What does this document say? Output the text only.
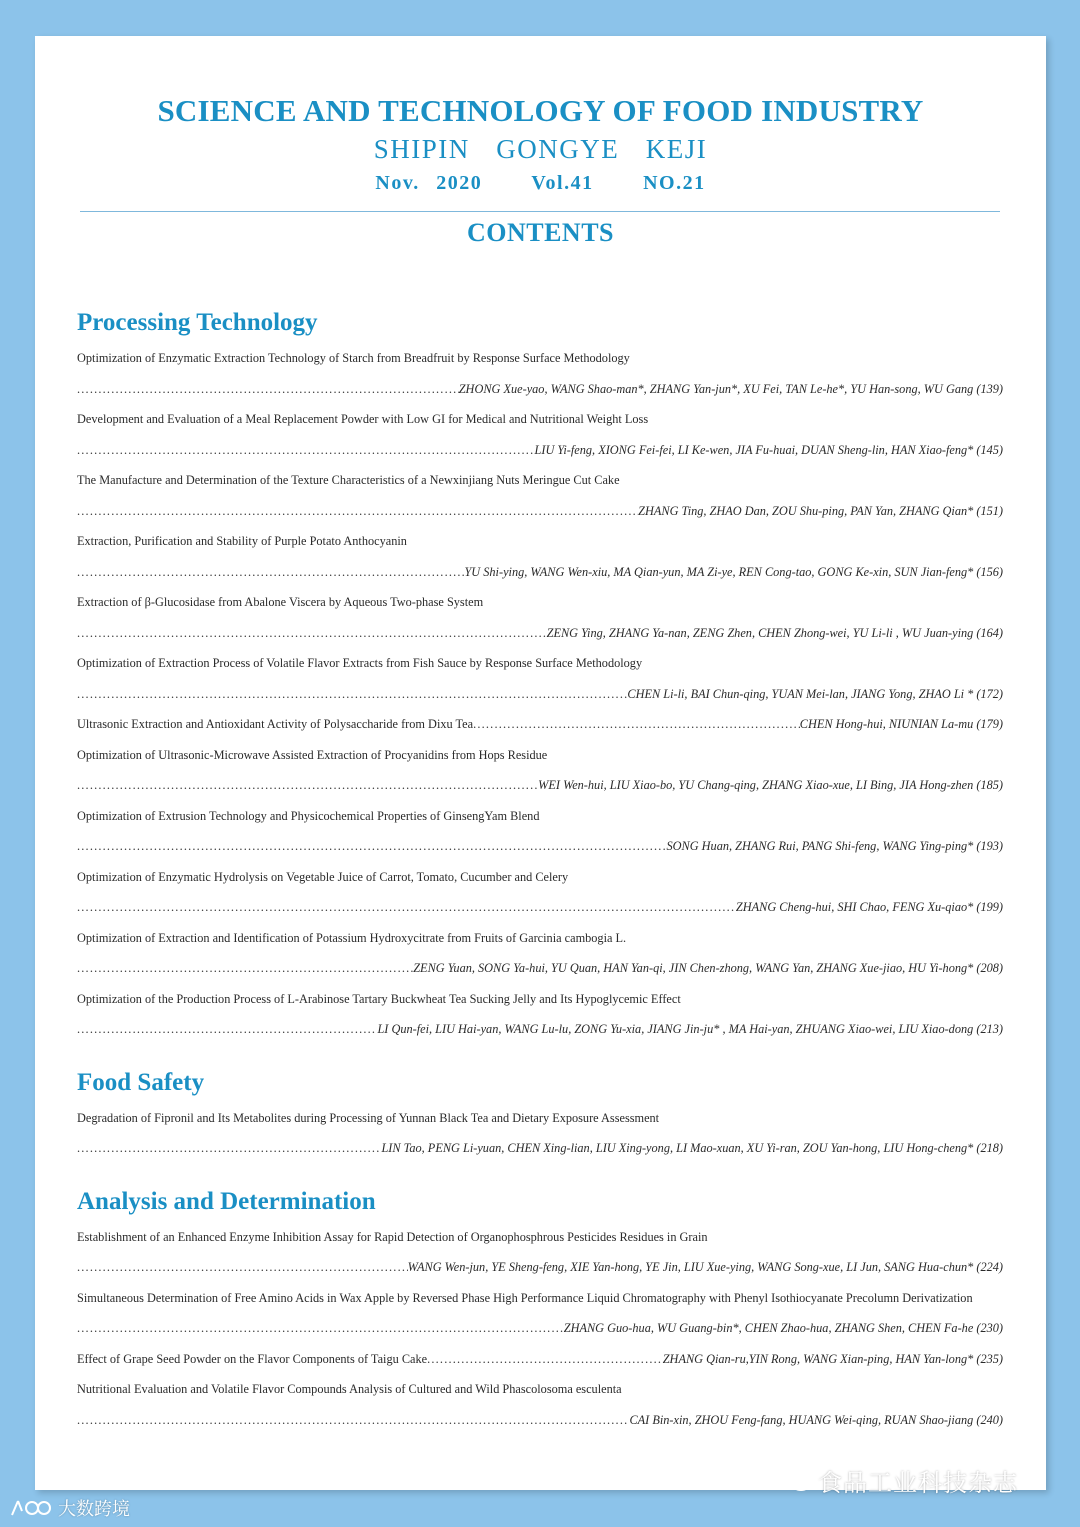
SCIENCE AND TECHNOLOGY OF FOOD INDUSTRY
SHIPIN  GONGYE  KEJI
Nov. 2020   Vol.41   NO.21
CONTENTS
Processing Technology
Optimization of Enzymatic Extraction Technology of Starch from Breadfruit by Response Surface Methodology
.....
ZHONG Xue-yao, WANG Shao-man*, ZHANG Yan-jun*, XU Fei, TAN Le-he*, YU Han-song, WU Gang (139)
Development and Evaluation of a Meal Replacement Powder with Low GI for Medical and Nutritional Weight Loss
.....
LIU Yi-feng, XIONG Fei-fei, LI Ke-wen, JIA Fu-huai, DUAN Sheng-lin, HAN Xiao-feng* (145)
The Manufacture and Determination of the Texture Characteristics of a Newxinjiang Nuts Meringue Cut Cake
.....
ZHANG Ting, ZHAO Dan, ZOU Shu-ping, PAN Yan, ZHANG Qian* (151)
Extraction, Purification and Stability of Purple Potato Anthocyanin
.....
YU Shi-ying, WANG Wen-xiu, MA Qian-yun, MA Zi-ye, REN Cong-tao, GONG Ke-xin, SUN Jian-feng* (156)
Extraction of β-Glucosidase from Abalone Viscera by Aqueous Two-phase System
.....
ZENG Ying, ZHANG Ya-nan, ZENG Zhen, CHEN Zhong-wei, YU Li-li , WU Juan-ying (164)
Optimization of Extraction Process of Volatile Flavor Extracts from Fish Sauce by Response Surface Methodology
.....
CHEN Li-li, BAI Chun-qing, YUAN Mei-lan, JIANG Yong, ZHAO Li * (172)
Ultrasonic Extraction and Antioxidant Activity of Polysaccharide from Dixu Tea .....	CHEN Hong-hui, NIUNIAN La-mu (179)
Optimization of Ultrasonic-Microwave Assisted Extraction of Procyanidins from Hops Residue
.....
WEI Wen-hui, LIU Xiao-bo, YU Chang-qing, ZHANG Xiao-xue, LI Bing, JIA Hong-zhen (185)
Optimization of Extrusion Technology and Physicochemical Properties of GinsengYam Blend
.....
SONG Huan, ZHANG Rui, PANG Shi-feng, WANG Ying-ping* (193)
Optimization of Enzymatic Hydrolysis on Vegetable Juice of Carrot, Tomato, Cucumber and Celery
.....
ZHANG Cheng-hui, SHI Chao, FENG Xu-qiao* (199)
Optimization of Extraction and Identification of Potassium Hydroxycitrate from Fruits of Garcinia cambogia L.
.....
ZENG Yuan, SONG Ya-hui, YU Quan, HAN Yan-qi, JIN Chen-zhong, WANG Yan, ZHANG Xue-jiao, HU Yi-hong* (208)
Optimization of the Production Process of L-Arabinose Tartary Buckwheat Tea Sucking Jelly and Its Hypoglycemic Effect
.....
LI Qun-fei, LIU Hai-yan, WANG Lu-lu, ZONG Yu-xia, JIANG Jin-ju* , MA Hai-yan, ZHUANG Xiao-wei, LIU Xiao-dong (213)
Food Safety
Degradation of Fipronil and Its Metabolites during Processing of Yunnan Black Tea and Dietary Exposure Assessment
.....
LIN Tao, PENG Li-yuan, CHEN Xing-lian, LIU Xing-yong, LI Mao-xuan, XU Yi-ran, ZOU Yan-hong, LIU Hong-cheng* (218)
Analysis and Determination
Establishment of an Enhanced Enzyme Inhibition Assay for Rapid Detection of Organophosphrous Pesticides Residues in Grain
.....
WANG Wen-jun, YE Sheng-feng, XIE Yan-hong, YE Jin, LIU Xue-ying, WANG Song-xue, LI Jun, SANG Hua-chun* (224)
Simultaneous Determination of Free Amino Acids in Wax Apple by Reversed Phase High Performance Liquid Chromatography with Phenyl Isothiocyanate Precolumn Derivatization
.....
ZHANG Guo-hua, WU Guang-bin*, CHEN Zhao-hua, ZHANG Shen, CHEN Fa-he (230)
Effect of Grape Seed Powder on the Flavor Components of Taigu Cake .....	ZHANG Qian-ru,YIN Rong, WANG Xian-ping, HAN Yan-long* (235)
Nutritional Evaluation and Volatile Flavor Compounds Analysis of Cultured and Wild Phascolosoma esculenta
.....
CAI Bin-xin, ZHOU Feng-fang, HUANG Wei-qing, RUAN Shao-jiang (240)
食品工业科技杂志
大数跨境
